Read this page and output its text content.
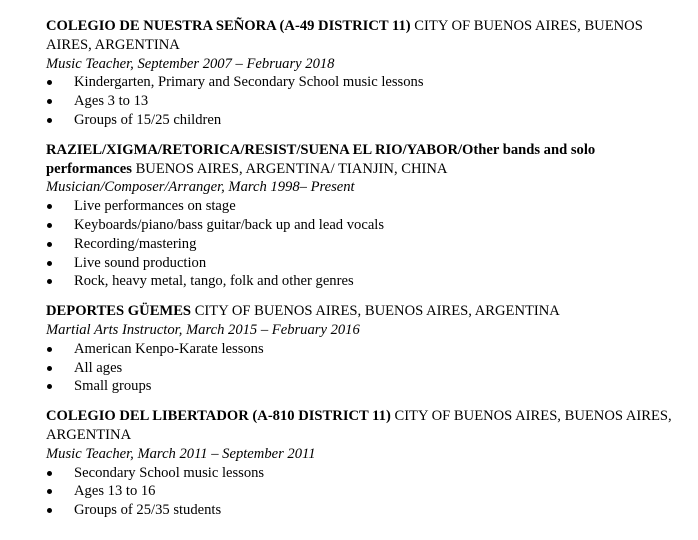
COLEGIO DE NUESTRA SEÑORA (A-49 DISTRICT 11) CITY OF BUENOS AIRES, BUENOS AIRES, ARGENTINA

Music Teacher, September 2007 – February 2018

Kindergarten, Primary and Secondary School music lessons
Ages 3 to 13
Groups of 15/25 children

RAZIEL/XIGMA/RETORICA/RESIST/SUENA EL RIO/YABOR/Other bands and solo performances BUENOS AIRES, ARGENTINA/ TIANJIN, CHINA

Musician/Composer/Arranger, March 1998– Present

Live performances on stage
Keyboards/piano/bass guitar/back up and lead vocals
Recording/mastering
Live sound production
Rock, heavy metal, tango, folk and other genres

DEPORTES GÜEMES CITY OF BUENOS AIRES, BUENOS AIRES, ARGENTINA

Martial Arts Instructor, March 2015 – February 2016

American Kenpo-Karate lessons
All ages
Small groups

COLEGIO DEL LIBERTADOR (A-810 DISTRICT 11) CITY OF BUENOS AIRES, BUENOS AIRES, ARGENTINA

Music Teacher, March 2011 – September 2011

Secondary School music lessons
Ages 13 to 16
Groups of 25/35 students
